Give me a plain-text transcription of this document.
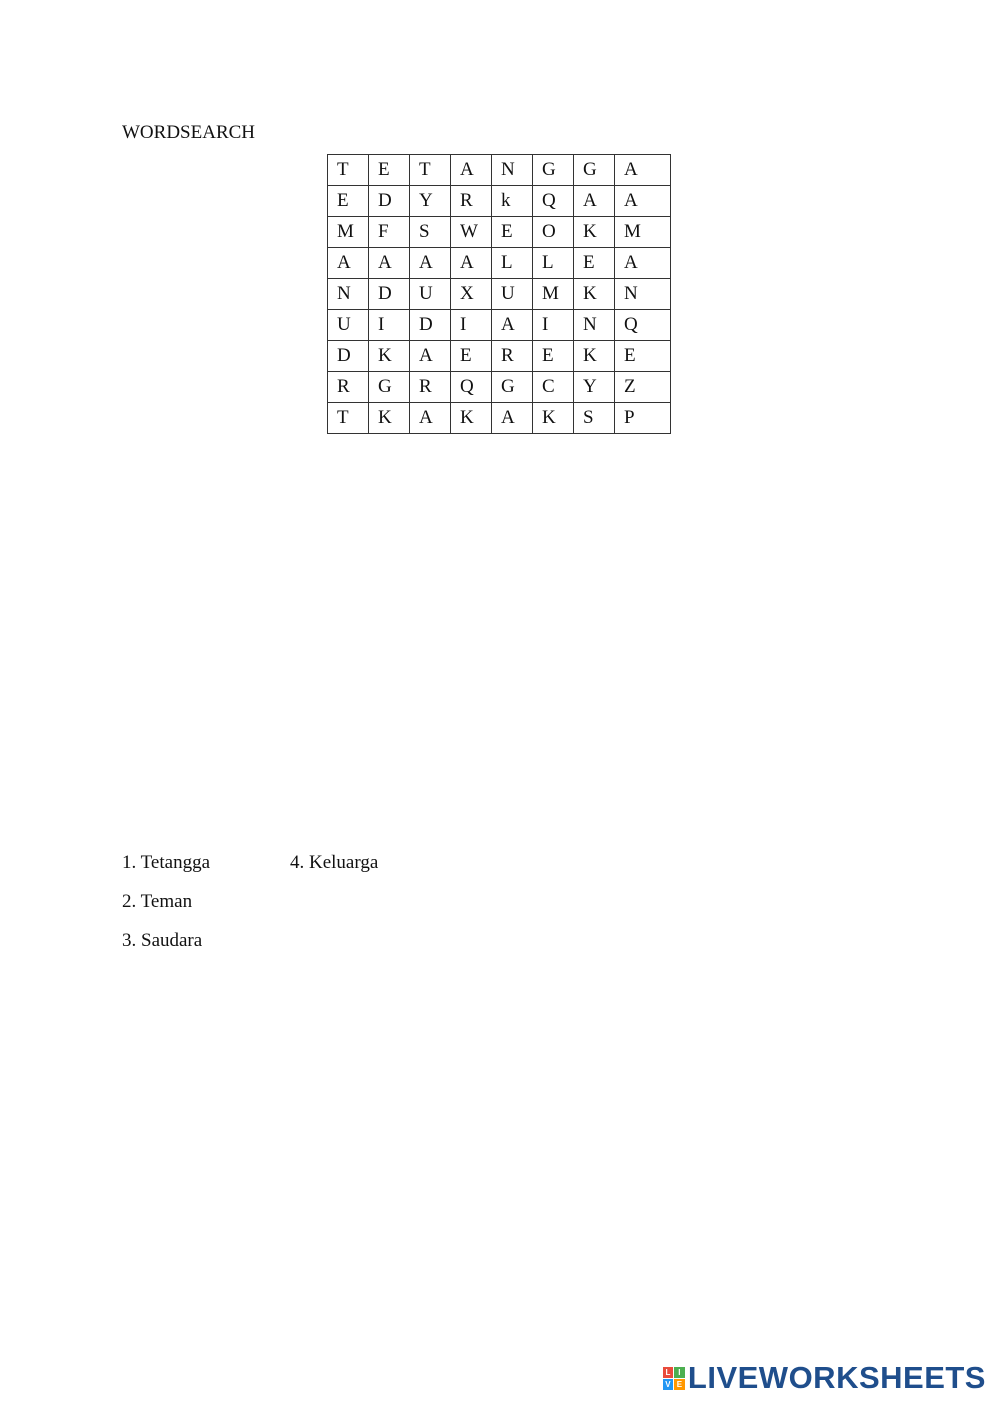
WORDSEARCH
T	E	T	A	N	G	G	A
E	D	Y	R	k	Q	A	A
M	F	S	W	E	O	K	M
A	A	A	A	L	L	E	A
N	D	U	X	U	M	K	N
U	I	D	I	A	I	N	Q
D	K	A	E	R	E	K	E
R	G	R	Q	G	C	Y	Z
T	K	A	K	A	K	S	P
1. Tetangga
2. Teman
3. Saudara
4. Keluarga
L I
V E LIVEWORKSHEETS
